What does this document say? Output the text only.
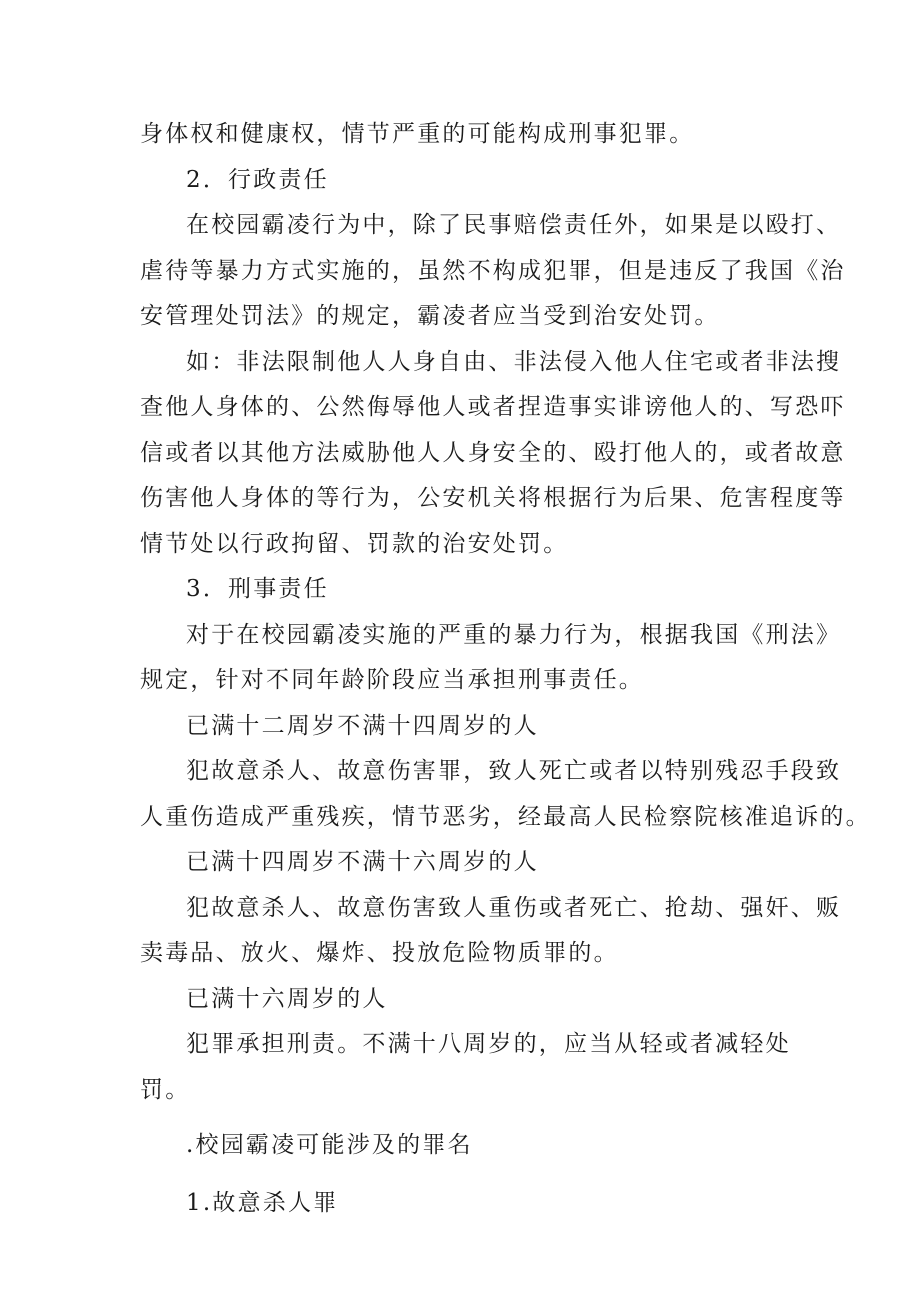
身体权和健康权，情节严重的可能构成刑事犯罪。
2．行政责任
在校园霸凌行为中，除了民事赔偿责任外，如果是以殴打、
虐待等暴力方式实施的，虽然不构成犯罪，但是违反了我国《治
安管理处罚法》的规定，霸凌者应当受到治安处罚。
如：非法限制他人人身自由、非法侵入他人住宅或者非法搜
查他人身体的、公然侮辱他人或者捏造事实诽谤他人的、写恐吓
信或者以其他方法威胁他人人身安全的、殴打他人的，或者故意
伤害他人身体的等行为，公安机关将根据行为后果、危害程度等
情节处以行政拘留、罚款的治安处罚。
3．刑事责任
对于在校园霸凌实施的严重的暴力行为，根据我国《刑法》
规定，针对不同年龄阶段应当承担刑事责任。
已满十二周岁不满十四周岁的人
犯故意杀人、故意伤害罪，致人死亡或者以特别残忍手段致
人重伤造成严重残疾，情节恶劣，经最高人民检察院核准追诉的。
已满十四周岁不满十六周岁的人
犯故意杀人、故意伤害致人重伤或者死亡、抢劫、强奸、贩
卖毒品、放火、爆炸、投放危险物质罪的。
已满十六周岁的人
犯罪承担刑责。不满十八周岁的，应当从轻或者减轻处
罚。
.校园霸凌可能涉及的罪名
1.故意杀人罪
